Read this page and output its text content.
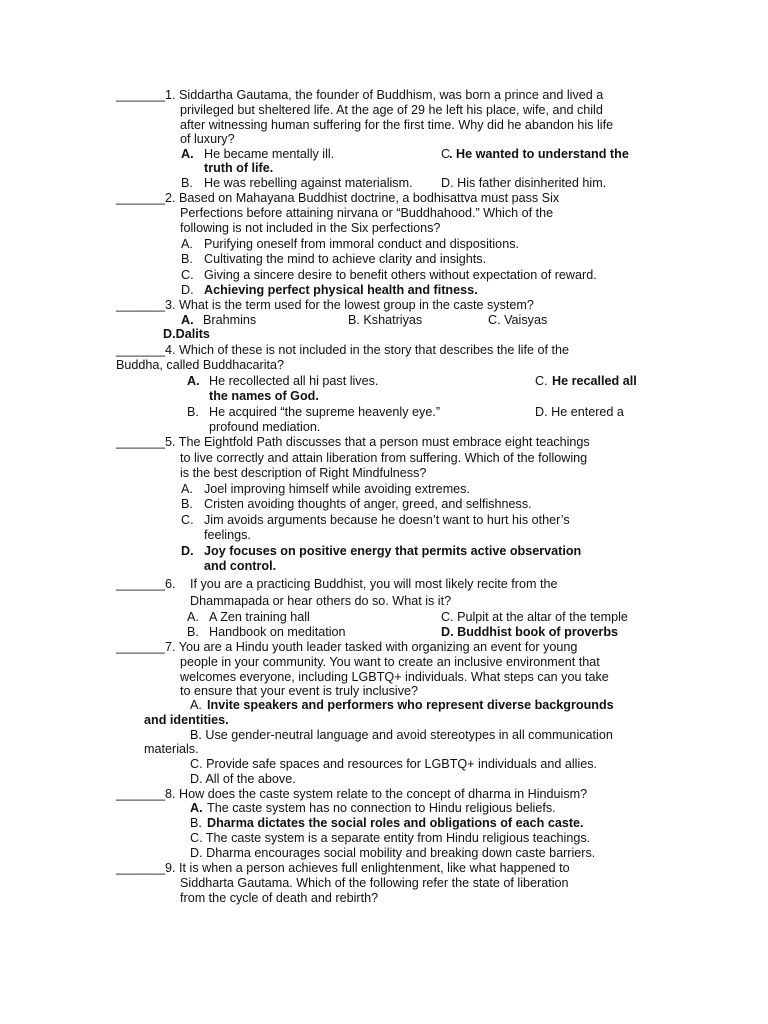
_______1. Siddartha Gautama, the founder of Buddhism, was born a prince and lived a
privileged but sheltered life. At the age of 29 he left his place, wife, and child
after witnessing human suffering for the first time. Why did he abandon his life
of luxury?
A. He became mentally ill.	C
. He wanted to understand the
truth of life.
B. He was rebelling against materialism. D. His father disinherited him.
_______2. Based on Mahayana Buddhist doctrine, a bodhisattva must pass Six
Perfections before attaining nirvana or “Buddhahood.” Which of the
following is not included in the Six perfections?
A. Purifying oneself from immoral conduct and dispositions.
B. Cultivating the mind to achieve clarity and insights.
C. Giving a sincere desire to benefit others without expectation of reward.
D. Achieving perfect physical health and fitness.
_______3. What is the term used for the lowest group in the caste system?
A. Brahmins	B. Kshatriyas	C. Vaisyas
D.Dalits
_______4. Which of these is not included in the story that describes the life of the
Buddha, called Buddhacarita?
A. He recollected all hi past lives.	C. He recalled all
the names of God.
B. He acquired “the supreme heavenly eye.”	D. He entered a
profound mediation.
_______5. The Eightfold Path discusses that a person must embrace eight teachings
to live correctly and attain liberation from suffering. Which of the following
is the best description of Right Mindfulness?
A. Joel improving himself while avoiding extremes.
B. Cristen avoiding thoughts of anger, greed, and selfishness.
C. Jim avoids arguments because he doesn’t want to hurt his other’s
feelings.
D. Joy focuses on positive energy that permits active observation
and control.
_______6. If you are a practicing Buddhist, you will most likely recite from the
Dhammapada or hear others do so. What is it?
A. A Zen training hall	C. Pulpit at the altar of the temple
B. Handbook on meditation	D. Buddhist book of proverbs
_______7. You are a Hindu youth leader tasked with organizing an event for young
people in your community. You want to create an inclusive environment that
welcomes everyone, including LGBTQ+ individuals. What steps can you take
to ensure that your event is truly inclusive?
A. Invite speakers and performers who represent diverse backgrounds
and identities.
B. Use gender-neutral language and avoid stereotypes in all communication
materials.
C. Provide safe spaces and resources for LGBTQ+ individuals and allies.
D. All of the above.
_______8. How does the caste system relate to the concept of dharma in Hinduism?
A. The caste system has no connection to Hindu religious beliefs.
B. Dharma dictates the social roles and obligations of each caste.
C. The caste system is a separate entity from Hindu religious teachings.
D. Dharma encourages social mobility and breaking down caste barriers.
_______9. It is when a person achieves full enlightenment, like what happened to
Siddharta Gautama. Which of the following refer the state of liberation
from the cycle of death and rebirth?
